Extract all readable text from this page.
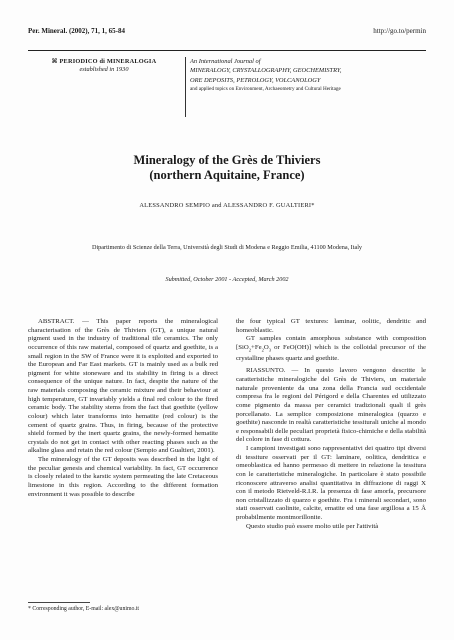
Per. Mineral. (2002), 71, 1, 65-84	http://go.to/permin
⌘ PERIODICO di MINERALOGIA
established in 1930
An International Journal of
MINERALOGY, CRYSTALLOGRAPHY, GEOCHEMISTRY,
ORE DEPOSITS, PETROLOGY, VOLCANOLOGY
and applied topics on Environment, Archaeometry and Cultural Heritage
Mineralogy of the Grès de Thiviers
(northern Aquitaine, France)
ALESSANDRO SEMPIO and ALESSANDRO F. GUALTIERI*
Dipartimento di Scienze della Terra, Università degli Studi di Modena e Reggio Emilia, 41100 Modena, Italy
Submitted, October 2001 - Accepted, March 2002

ABSTRACT. — This paper reports the mineralogical characterisation of the Grès de Thiviers (GT), a unique natural pigment used in the industry of traditional tile ceramics. The only occurrence of this raw material, composed of quartz and goethite, is a small region in the SW of France were it is exploited and exported to the European and Far East markets. GT is mainly used as a bulk red pigment for white stoneware and its stability in firing is a direct consequence of the unique nature. In fact, despite the nature of the raw materials composing the ceramic mixture and their behaviour at high temperature, GT invariably yields a final red colour to the fired ceramic body. The stability stems from the fact that goethite (yellow colour) which later transforms into hematite (red colour) is the cement of quartz grains. Thus, in firing, because of the protective shield formed by the inert quartz grains, the newly-formed hematite crystals do not get in contact with other reacting phases such as the alkaline glass and retain the red colour (Sempio and Gualtieri, 2001).

The mineralogy of the GT deposits was described in the light of the peculiar genesis and chemical variability. In fact, GT occurrence is closely related to the karstic system permeating the late Cretaceous limestone in this region. According to the different formation environment it was possible to describe

the four typical GT textures: laminar, oolitic, dendritic and homeoblastic.

GT samples contain amorphous substance with composition [$SiO_2+Fe_2O_3$ or FeO(OH)] which is the colloidal precursor of the crystalline phases quartz and goethite.

RIASSUNTO. — In questo lavoro vengono descritte le caratteristiche mineralogiche del Grès de Thiviers, un materiale naturale proveniente da una zona della Francia sud occidentale compresa fra le regioni del Périgord e della Charentes ed utilizzato come pigmento da massa per ceramici tradizionali quali il grès porcellanato. La semplice composizione mineralogica (quarzo e goethite) nasconde in realtà caratteristiche tessiturali uniche al mondo e responsabili delle peculiari proprietà fisico-chimiche e della stabilità del colore in fase di cottura.

I campioni investigati sono rappresentativi dei quattro tipi diversi di tessiture osservati per il GT: laminare, oolitica, dendritica e omeoblastica ed hanno permesso di mettere in relazione la tessitura con le caratteristiche mineralogiche. In particolare è stato possibile riconoscere attraverso analisi quantitativa in diffrazione di raggi X con il metodo Rietveld-R.I.R. la presenza di fase amorfa, precursore non cristallizzato di quarzo e goethite. Fra i minerali secondari, sono stati osservati caolinite, calcite, ematite ed una fase argillosa a 15 Å probabilmente montmorillonite.

Questo studio può essere molto utile per l'attività

* Corresponding author, E-mail: alex@unimo.it
